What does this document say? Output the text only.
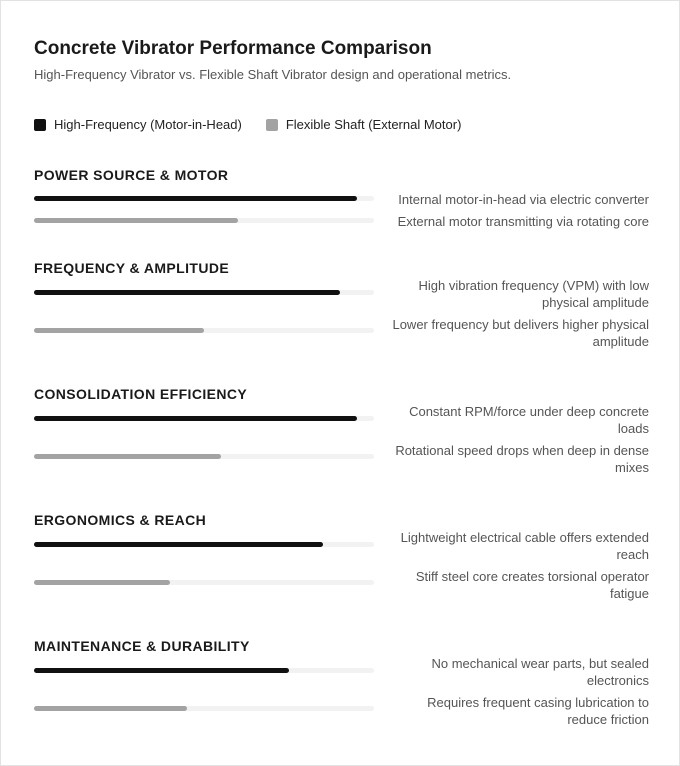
Concrete Vibrator Performance Comparison
High-Frequency Vibrator vs. Flexible Shaft Vibrator design and operational metrics.
High-Frequency (Motor-in-Head)	Flexible Shaft (External Motor)
POWER SOURCE & MOTOR
Internal motor-in-head via electric converter
External motor transmitting via rotating core
FREQUENCY & AMPLITUDE
High vibration frequency (VPM) with low physical amplitude
Lower frequency but delivers higher physical amplitude
CONSOLIDATION EFFICIENCY
Constant RPM/force under deep concrete loads
Rotational speed drops when deep in dense mixes
ERGONOMICS & REACH
Lightweight electrical cable offers extended reach
Stiff steel core creates torsional operator fatigue
MAINTENANCE & DURABILITY
No mechanical wear parts, but sealed electronics
Requires frequent casing lubrication to reduce friction
